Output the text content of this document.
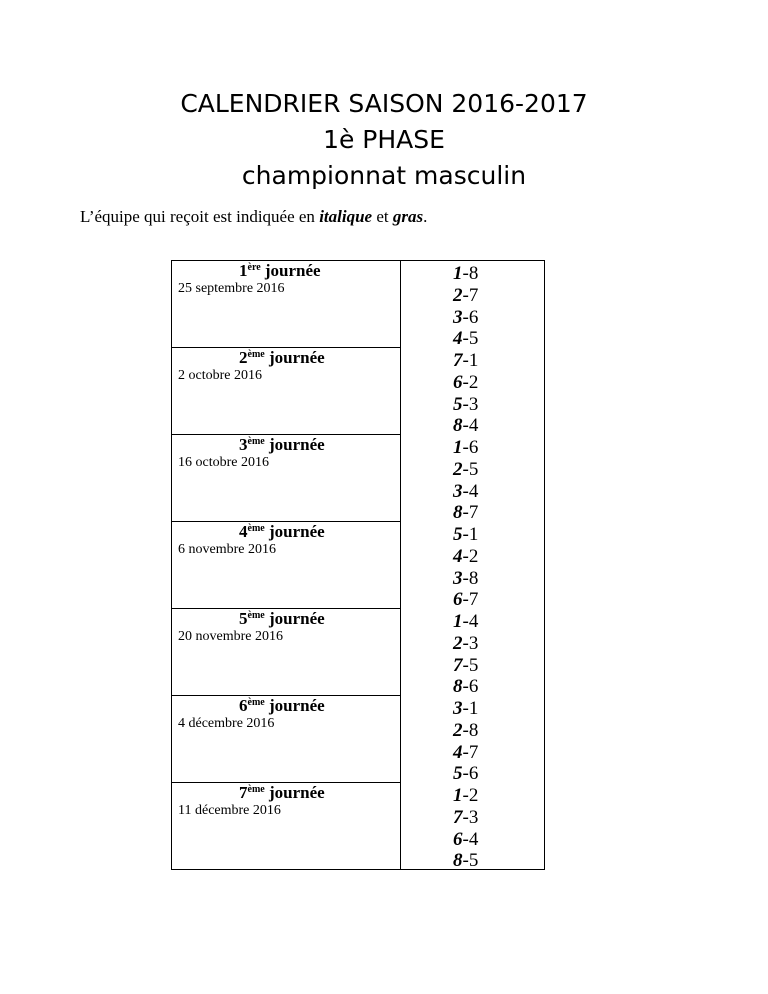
CALENDRIER SAISON 2016-2017
1è PHASE
championnat masculin

L’équipe qui reçoit est indiquée en italique et gras.

1ère journée
25 septembre 2016
2ème journée
2 octobre 2016
3ème journée
16 octobre 2016
4ème journée
6 novembre 2016
5ème journée
20 novembre 2016
6ème journée
4 décembre 2016
7ème journée
11 décembre 2016
1-8
2-7
3-6
4-5
7-1
6-2
5-3
8-4
1-6
2-5
3-4
8-7
5-1
4-2
3-8
6-7
1-4
2-3
7-5
8-6
3-1
2-8
4-7
5-6
1-2
7-3
6-4
8-5
